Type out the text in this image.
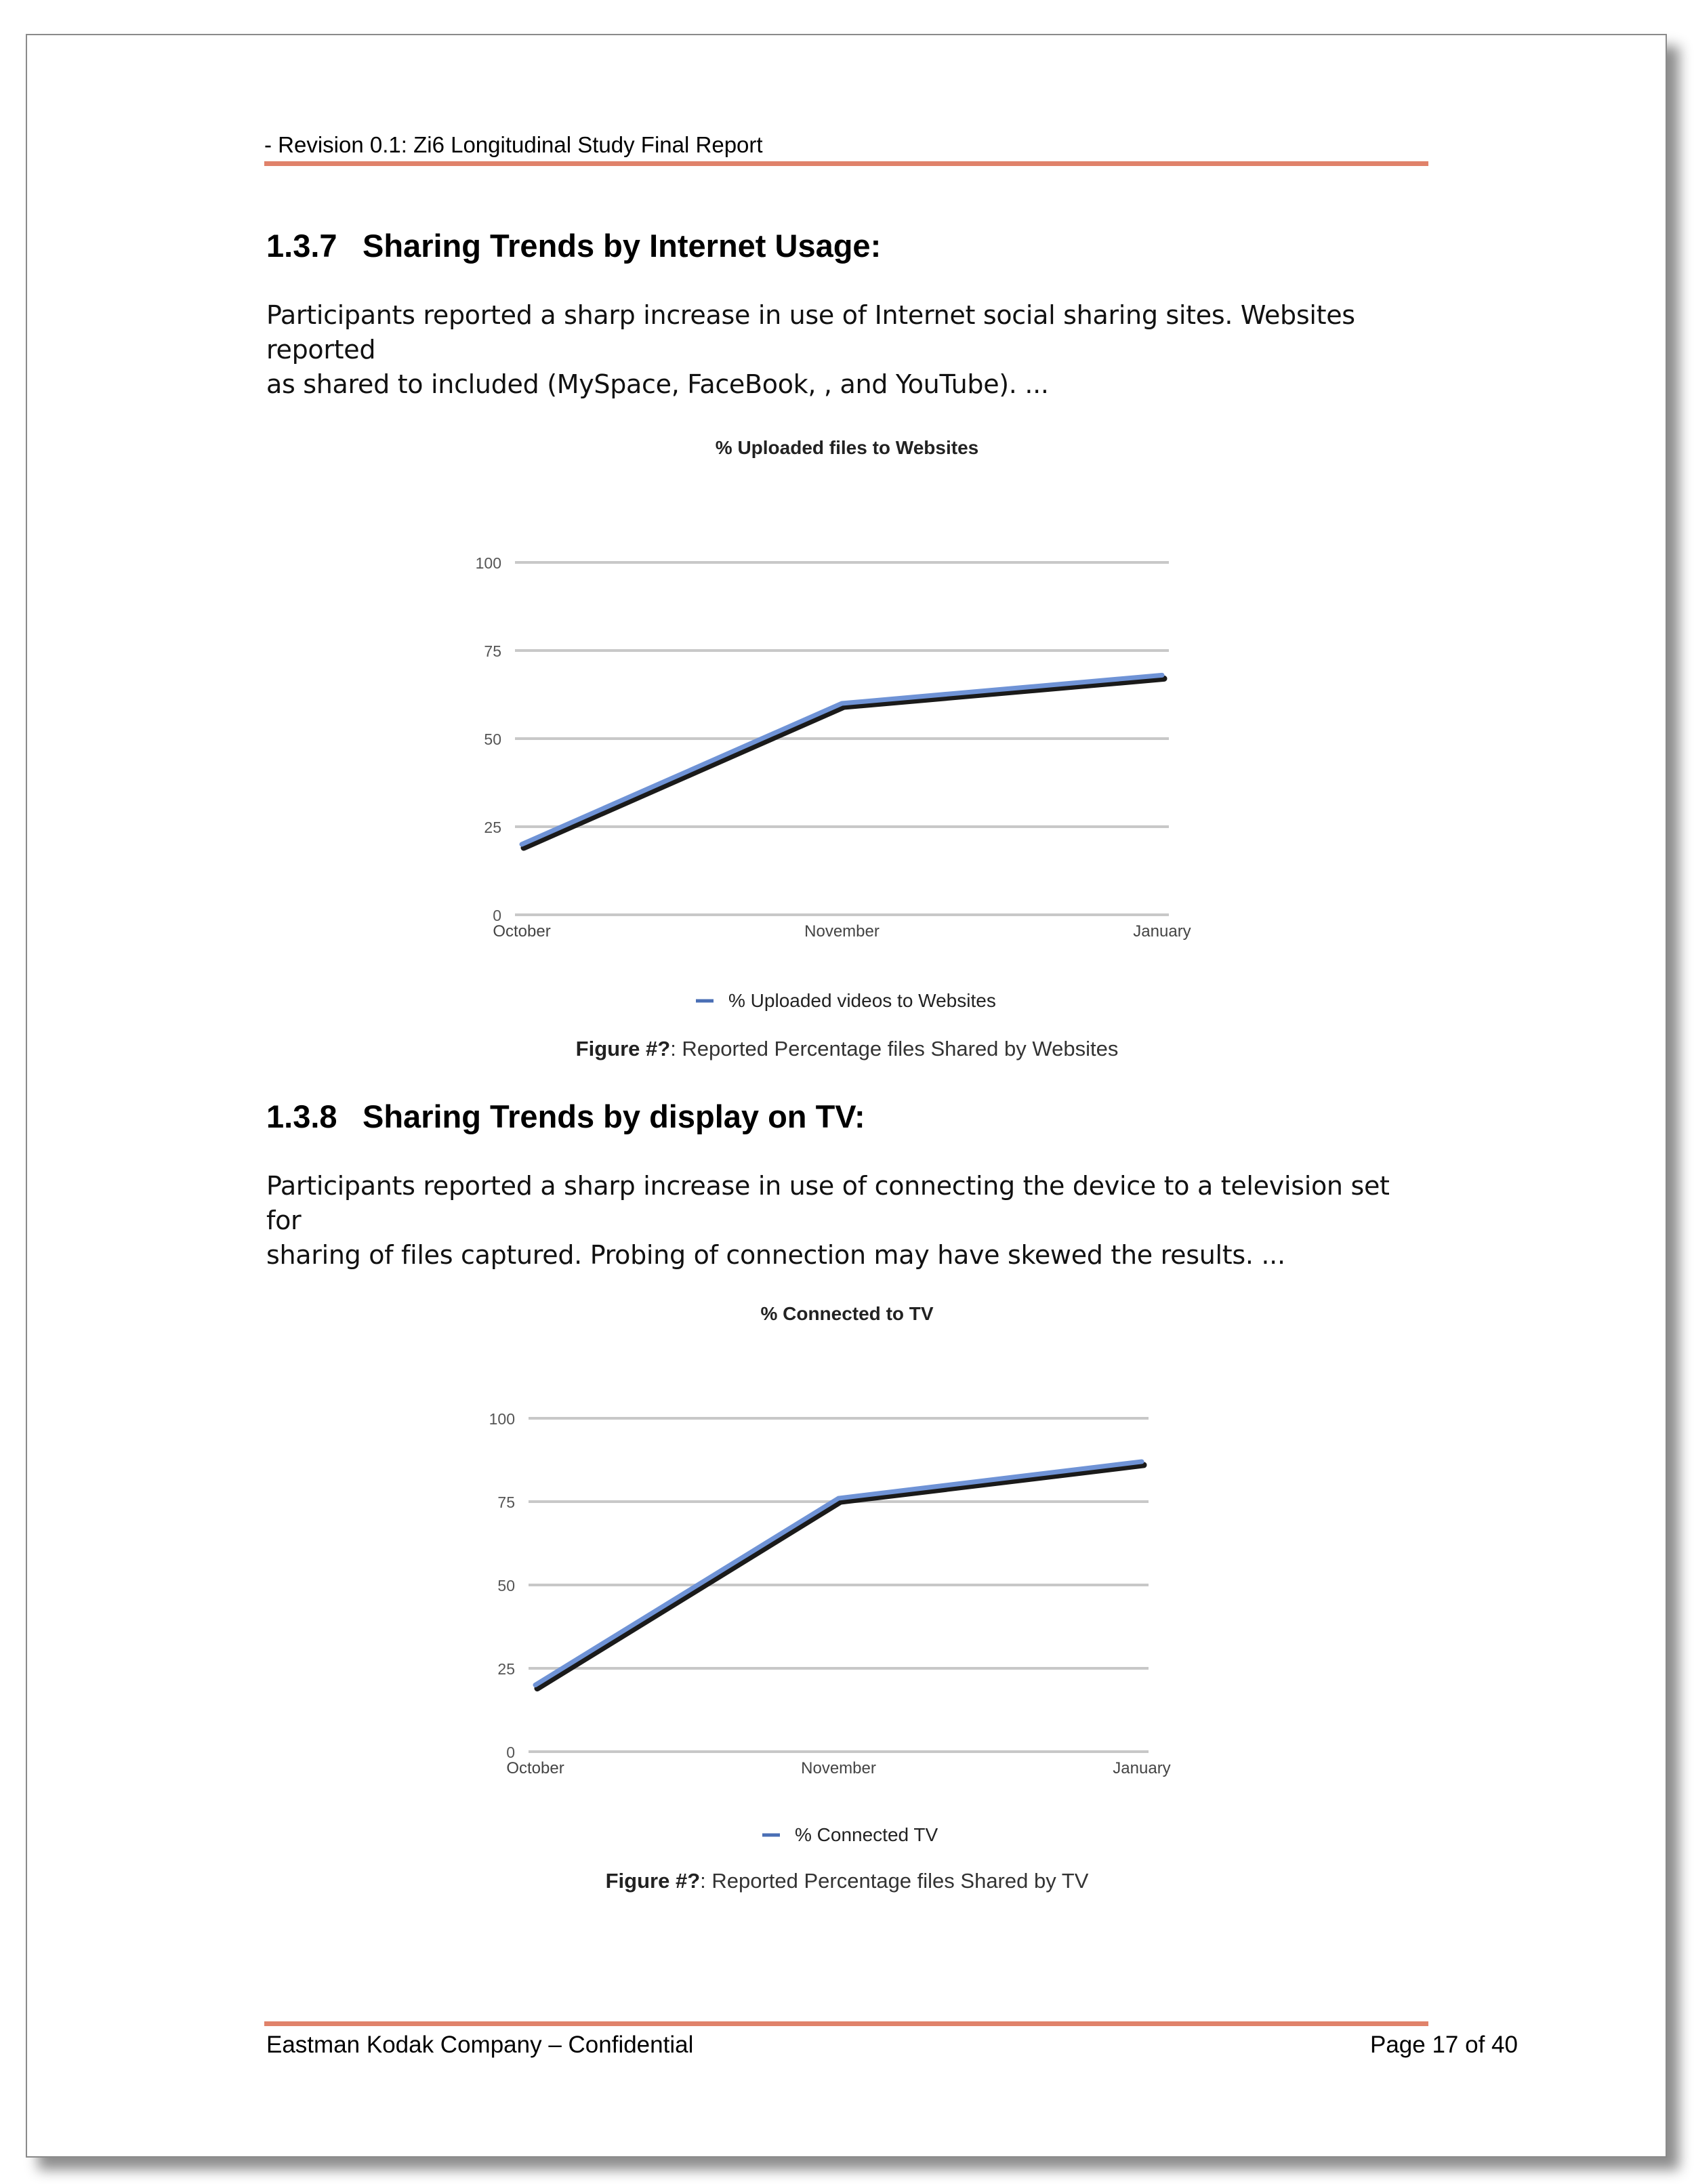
- Revision 0.1: Zi6 Longitudinal Study Final Report
1.3.7 Sharing Trends by Internet Usage:

Participants reported a sharp increase in use of Internet social sharing sites. Websites reported
as shared to included (MySpace, FaceBook, , and YouTube). ...

% Uploaded files to Websites
0
25
50
75
100
October	November	January
% Uploaded videos to Websites
Figure #?: Reported Percentage files Shared by Websites
1.3.8 Sharing Trends by display on TV:

Participants reported a sharp increase in use of connecting the device to a television set for
sharing of files captured. Probing of connection may have skewed the results. ...

% Connected to TV
0
25
50
75
100
October	November	January
% Connected TV
Figure #?: Reported Percentage files Shared by TV
Eastman Kodak Company – Confidential	Page 17 of 40
